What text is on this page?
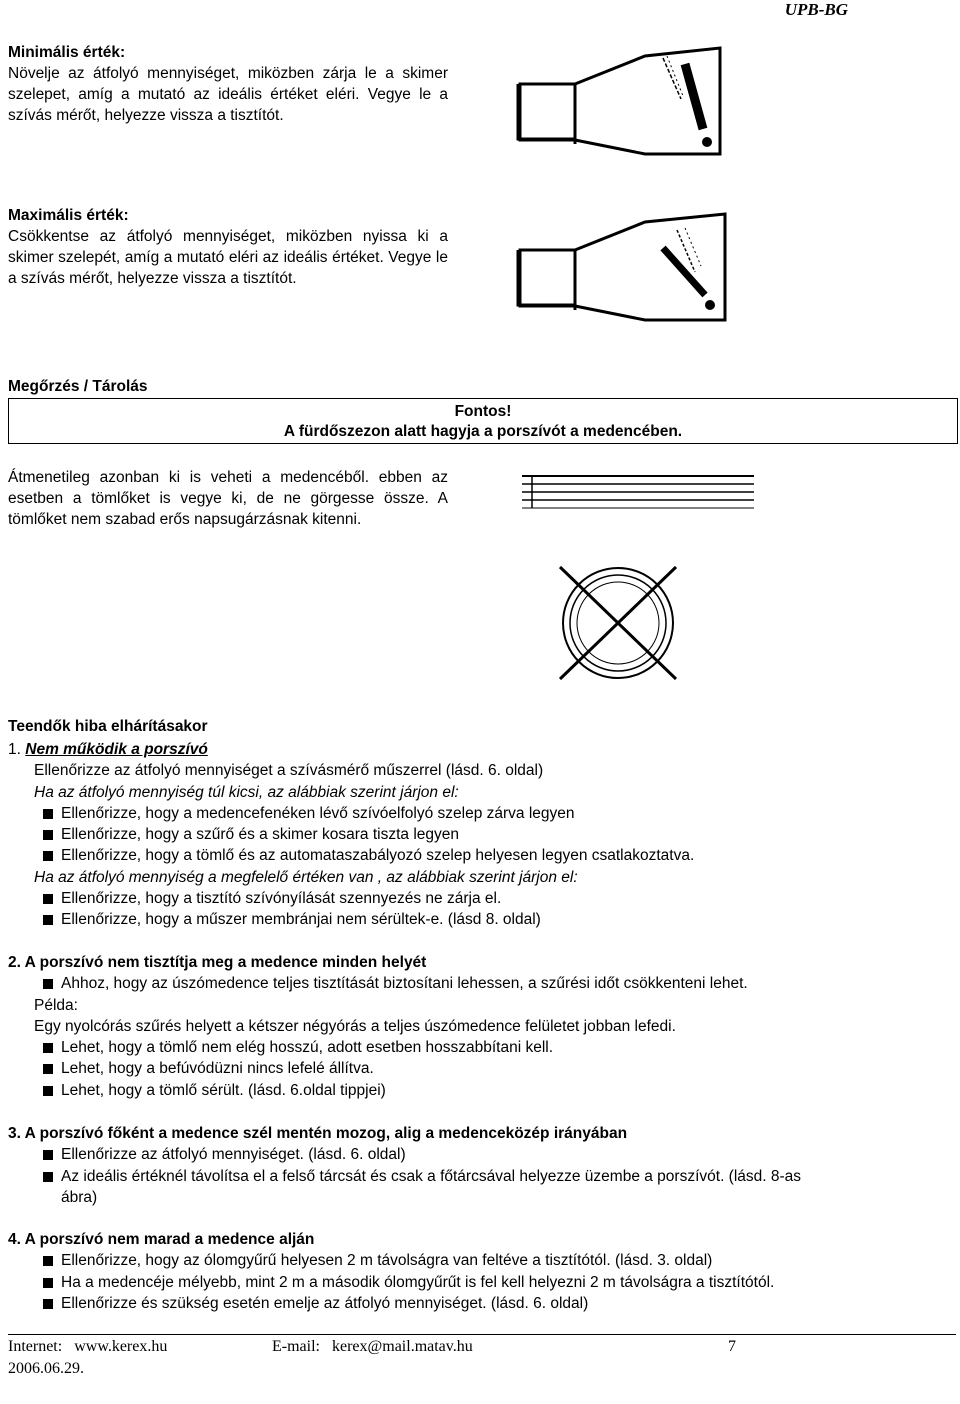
UPB-BG
Minimális érték:
Növelje az átfolyó mennyiséget, miközben zárja le a skimer szelepet, amíg a mutató az ideális értéket eléri. Vegye le a szívás mérőt, helyezze vissza a tisztítót.
Maximális érték:
Csökkentse az átfolyó mennyiséget, miközben nyissa ki a skimer szelepét, amíg a mutató eléri az ideális értéket. Vegye le a szívás mérőt, helyezze vissza a tisztítót.
Megőrzés / Tárolás
Fontos!
A fürdőszezon alatt hagyja a porszívót a medencében.
Átmenetileg azonban ki is veheti a medencéből. ebben az esetben a tömlőket is vegye ki, de ne görgesse össze. A tömlőket nem szabad erős napsugárzásnak kitenni.
Teendők hiba elhárításakor
1. Nem működik a porszívó
Ellenőrizze az átfolyó mennyiséget a szívásmérő műszerrel (lásd. 6. oldal)
Ha az átfolyó mennyiség túl kicsi, az alábbiak szerint járjon el:
Ellenőrizze, hogy a medencefenéken lévő szívóelfolyó szelep zárva legyen
Ellenőrizze, hogy a szűrő és a skimer kosara tiszta legyen
Ellenőrizze, hogy a tömlő és az automataszabályozó szelep helyesen legyen csatlakoztatva.
Ha az átfolyó mennyiség a megfelelő értéken van , az alábbiak szerint járjon el:
Ellenőrizze, hogy a tisztító szívónyílását szennyezés ne zárja el.
Ellenőrizze, hogy a műszer membránjai nem sérültek-e. (lásd 8. oldal)
2. A porszívó nem tisztítja meg a medence minden helyét
Ahhoz, hogy az úszómedence teljes tisztítását biztosítani lehessen, a szűrési időt csökkenteni lehet.
Példa:
Egy nyolcórás szűrés helyett a kétszer négyórás a teljes úszómedence felületet jobban lefedi.
Lehet, hogy a tömlő nem elég hosszú, adott esetben hosszabbítani kell.
Lehet, hogy a befúvódüzni nincs lefelé állítva.
Lehet, hogy a tömlő sérült. (lásd. 6.oldal tippjei)
3. A porszívó főként a medence szél mentén mozog, alig a medenceközép irányában
Ellenőrizze az átfolyó mennyiséget. (lásd. 6. oldal)
Az ideális értéknél távolítsa el a felső tárcsát és csak a főtárcsával helyezze üzembe a porszívót. (lásd. 8-as
ábra)
4. A porszívó nem marad a medence alján
Ellenőrizze, hogy az ólomgyűrű helyesen 2 m távolságra van feltéve a tisztítótól. (lásd. 3. oldal)
Ha a medencéje mélyebb, mint 2 m a második ólomgyűrűt is fel kell helyezni 2 m távolságra a tisztítótól.
Ellenőrizze és szükség esetén emelje az átfolyó mennyiséget. (lásd. 6. oldal)
Internet: www.kerex.hu	E-mail: kerex@mail.matav.hu	7
2006.06.29.
